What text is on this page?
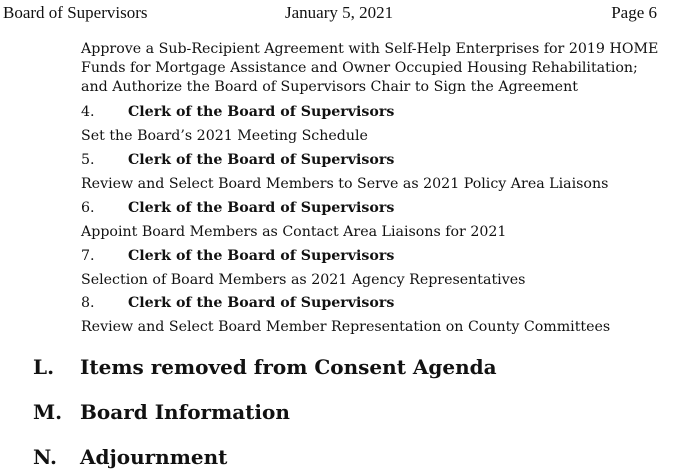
Board of Supervisors	January 5, 2021	Page 6
Approve a Sub-Recipient Agreement with Self-Help Enterprises for 2019 HOME
Funds for Mortgage Assistance and Owner Occupied Housing Rehabilitation;
and Authorize the Board of Supervisors Chair to Sign the Agreement
4. Clerk of the Board of Supervisors
Set the Board’s 2021 Meeting Schedule
5. Clerk of the Board of Supervisors
Review and Select Board Members to Serve as 2021 Policy Area Liaisons
6. Clerk of the Board of Supervisors
Appoint Board Members as Contact Area Liaisons for 2021
7. Clerk of the Board of Supervisors
Selection of Board Members as 2021 Agency Representatives
8. Clerk of the Board of Supervisors
Review and Select Board Member Representation on County Committees
L. Items removed from Consent Agenda
M. Board Information
N. Adjournment
